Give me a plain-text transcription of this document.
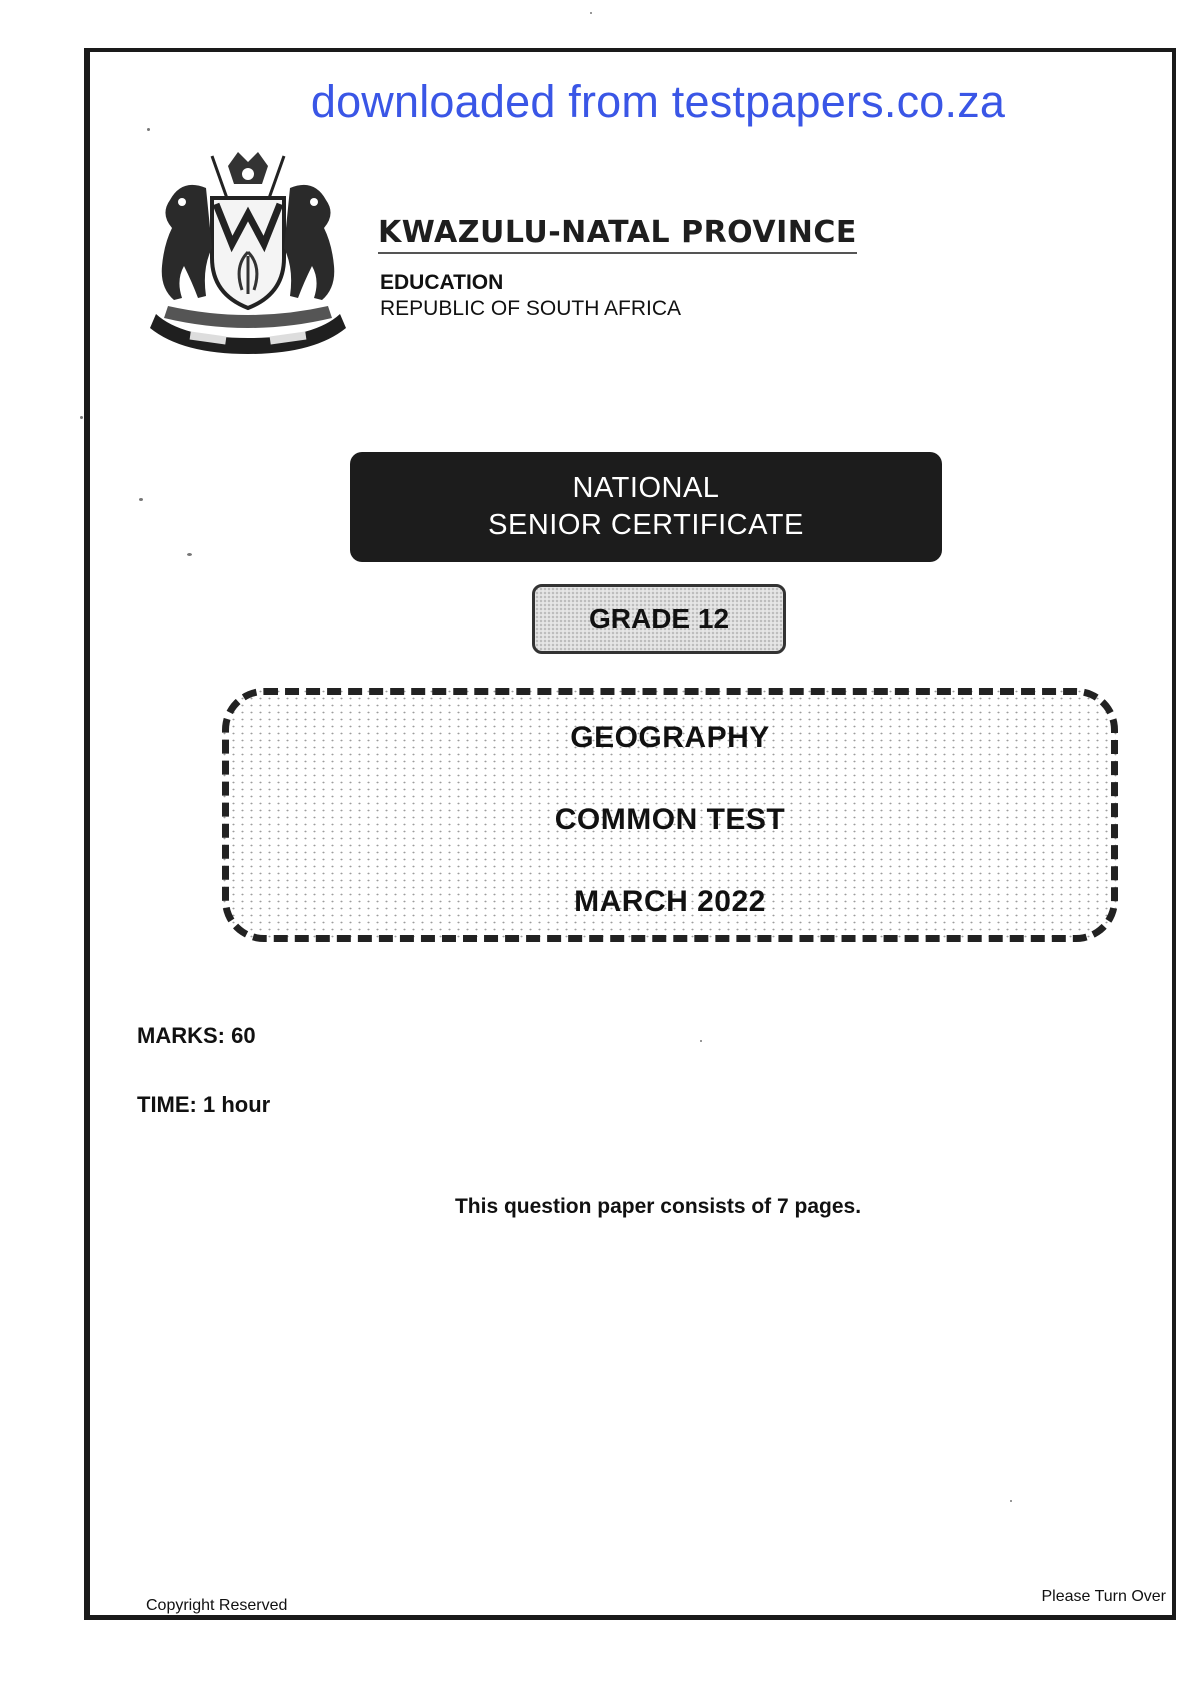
downloaded from testpapers.co.za
KWAZULU-NATAL PROVINCE
EDUCATION
REPUBLIC OF SOUTH AFRICA
NATIONAL
SENIOR CERTIFICATE
GRADE 12
GEOGRAPHY
COMMON TEST
MARCH 2022
MARKS: 60
TIME: 1 hour
This question paper consists of 7 pages.
Copyright Reserved
Please Turn Over
